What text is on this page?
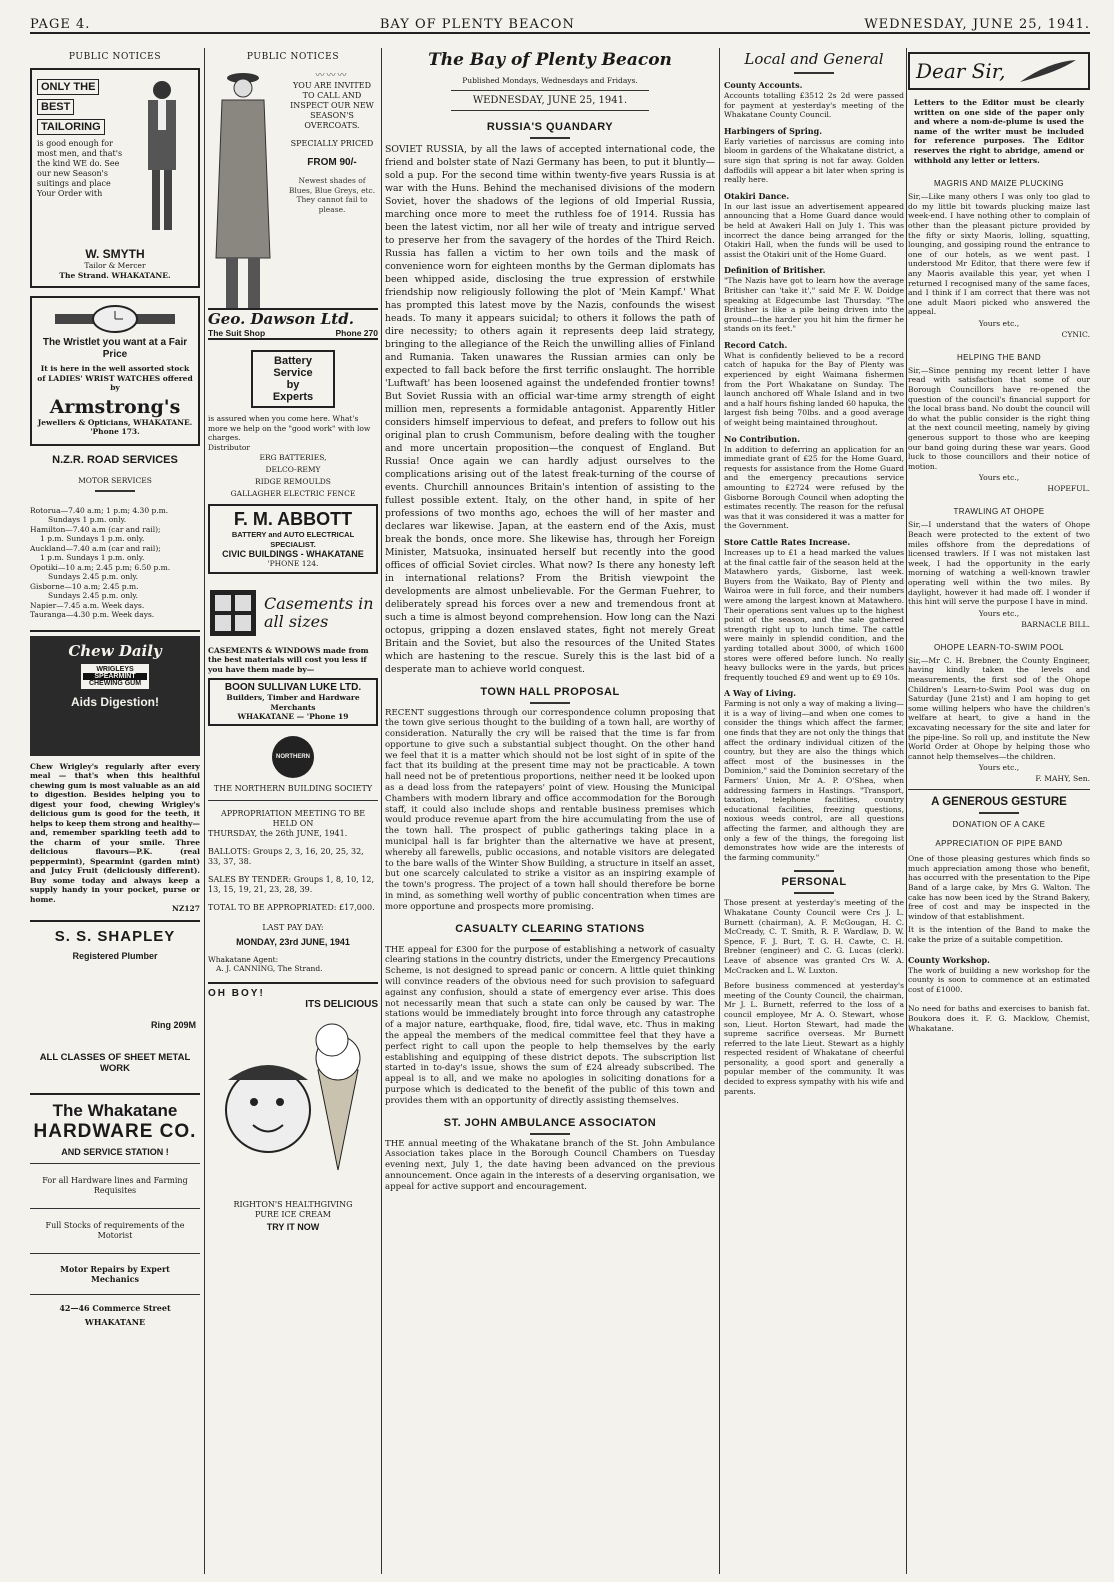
PAGE 4.	BAY OF PLENTY BEACON	WEDNESDAY, JUNE 25, 1941.
PUBLIC NOTICES
ONLY THE
BEST
TAILORING
is good enough for most men, and that's the kind WE do. See our new Season's suitings and place Your Order with
W. SMYTH
Tailor & Mercer
The Strand. WHAKATANE.
The Wristlet you want at a Fair Price
It is here in the well assorted stock of LADIES' WRIST WATCHES offered by
Armstrong's
Jewellers & Opticians, WHAKATANE. 'Phone 173.
N.Z.R. ROAD SERVICES
MOTOR SERVICES
Rotorua—7.40 a.m; 1 p.m; 4.30 p.m.
Sundays 1 p.m. only.
Hamilton—7.40 a.m (car and rail);
1 p.m. Sundays 1 p.m. only.
Auckland—7.40 a.m (car and rail);
1 p.m. Sundays 1 p.m. only.
Opotiki—10 a.m; 2.45 p.m; 6.50 p.m.
Sundays 2.45 p.m. only.
Gisborne—10 a.m; 2.45 p.m.
Sundays 2.45 p.m. only.
Napier—7.45 a.m. Week days.
Tauranga—4.30 p.m. Week days.
Chew Daily
WRIGLEYS
SPEARMINT
CHEWING GUM
Aids Digestion!
Chew Wrigley's regularly after every meal — that's when this healthful chewing gum is most valuable as an aid to digestion. Besides helping you to digest your food, chewing Wrigley's delicious gum is good for the teeth, it helps to keep them strong and healthy— and, remember sparkling teeth add to the charm of your smile. Three delicious flavours—P.K. (real peppermint), Spearmint (garden mint) and Juicy Fruit (deliciously different). Buy some today and always keep a supply handy in your pocket, purse or home.
NZ127
S. S. SHAPLEY
Registered Plumber
Ring 209M
ALL CLASSES OF SHEET METAL WORK
The Whakatane
HARDWARE CO.
AND SERVICE STATION !
For all Hardware lines and Farming Requisites
Full Stocks of requirements of the Motorist
Motor Repairs by Expert Mechanics
42—46 Commerce Street
WHAKATANE
PUBLIC NOTICES
〰〰〰
YOU ARE INVITED TO CALL AND INSPECT OUR NEW SEASON'S OVERCOATS.
SPECIALLY PRICED
FROM 90/-
Newest shades of Blues, Blue Greys, etc. They cannot fail to please.
Geo. Dawson Ltd.
The Suit Shop	Phone 270
Battery
Service
by
Experts
is assured when you come here. What's more we help on the "good work" with low charges.
Distributor
ERG BATTERIES,
DELCO-REMY
RIDGE REMOULDS
GALLAGHER ELECTRIC FENCE
F. M. ABBOTT
BATTERY and AUTO ELECTRICAL SPECIALIST.
CIVIC BUILDINGS - WHAKATANE
'PHONE 124.
Casements in all sizes
CASEMENTS & WINDOWS made from the best materials will cost you less if you have them made by—
BOON SULLIVAN LUKE LTD.
Builders, Timber and Hardware Merchants
WHAKATANE — 'Phone 19
NORTHERN
THE NORTHERN BUILDING SOCIETY
APPROPRIATION MEETING TO BE HELD ON
THURSDAY, the 26th JUNE, 1941.
BALLOTS: Groups 2, 3, 16, 20, 25, 32, 33, 37, 38.
SALES BY TENDER: Groups 1, 8, 10, 12, 13, 15, 19, 21, 23, 28, 39.
TOTAL TO BE APPROPRIATED: £17,000.
LAST PAY DAY:
MONDAY, 23rd JUNE, 1941
Whakatane Agent:
A. J. CANNING, The Strand.
OH BOY!
ITS DELICIOUS
RIGHTON'S HEALTHGIVING
PURE ICE CREAM
TRY IT NOW
The Bay of Plenty Beacon
Published Mondays, Wednesdays and Fridays.
WEDNESDAY, JUNE 25, 1941.
RUSSIA'S QUANDARY

SOVIET RUSSIA, by all the laws of accepted international code, the friend and bolster state of Nazi Germany has been, to put it bluntly—sold a pup. For the second time within twenty-five years Russia is at war with the Huns. Behind the mechanised divisions of the modern Soviet, hover the shadows of the legions of old Imperial Russia, marching once more to meet the ruthless foe of 1914. Russia has been the latest victim, nor all her wile of treaty and intrigue served to preserve her from the savagery of the hordes of the Third Reich. Russia has fallen a victim to her own toils and the mask of convenience worn for eighteen months by the German diplomats has been whipped aside, disclosing the true expression of erstwhile friendship now religiously following the plot of 'Mein Kampf.' What has prompted this latest move by the Nazis, confounds the wisest heads. To many it appears suicidal; to others it follows the path of dire necessity; to others again it represents deep laid strategy, bringing to the allegiance of the Reich the unwilling allies of Finland and Rumania. Taken unawares the Russian armies can only be expected to fall back before the first terrific onslaught. The horrible 'Luftwaft' has been loosened against the undefended frontier towns! But Soviet Russia with an official war-time army strength of eight million men, represents a formidable antagonist. Apparently Hitler considers himself impervious to defeat, and prefers to follow out his original plan to crush Communism, before dealing with the tougher and more uncertain proposition—the conquest of England. But Russia! Once again we can hardly adjust ourselves to the complications arising out of the latest freak-turning of the course of events. Churchill announces Britain's intention of assisting to the fullest possible extent. Italy, on the other hand, in spite of her professions of two months ago, echoes the will of her master and declares war likewise. Japan, at the eastern end of the Axis, must break the bonds, once more. She likewise has, through her Foreign Minister, Matsuoka, insinuated herself but recently into the good offices of official Soviet circles. What now? Is there any honesty left in international relations? From the British viewpoint the developments are almost unbelievable. For the German Fuehrer, to deliberately spread his forces over a new and tremendous front at such a time is almost beyond comprehension. How long can the Nazi octopus, gripping a dozen enslaved states, fight not merely Great Britain and the Soviet, but also the resources of the United States which are hastening to the rescue. Surely this is the last bid of a desperate man to achieve world conquest.

TOWN HALL PROPOSAL

RECENT suggestions through our correspondence column proposing that the town give serious thought to the building of a town hall, are worthy of consideration. Naturally the cry will be raised that the time is far from opportune to give such a substantial subject thought. On the other hand we feel that it is a matter which should not be lost sight of in spite of the fact that its building at the present time may not be practicable. A town hall need not be of pretentious proportions, neither need it be looked upon as a dead loss from the ratepayers' point of view. Housing the Municipal Chambers with modern library and office accommodation for the Borough staff, it could also include shops and rentable business premises which would produce revenue apart from the hire accumulating from the use of the town hall. The prospect of public gatherings taking place in a municipal hall is far brighter than the alternative we have at present, whereby all farewells, public occasions, and notable visitors are delegated to the bare walls of the Winter Show Building, a structure in itself an asset, but one scarcely calculated to strike a visitor as an inspiring example of the town's progress. The project of a town hall should therefore be borne in mind, as something well worthy of public concentration when times are more opportune and prospects more promising.

CASUALTY CLEARING STATIONS

THE appeal for £300 for the purpose of establishing a network of casualty clearing stations in the country districts, under the Emergency Precautions Scheme, is not designed to spread panic or concern. A little quiet thinking will convince readers of the obvious need for such provision to safeguard against any confusion, should a state of emergency ever arise. This does not necessarily mean that such a state can only be caused by war. The stations would be immediately brought into force through any catastrophe of a major nature, earthquake, flood, fire, tidal wave, etc. Thus in making the appeal the members of the medical committee feel that they have a perfect right to call upon the people to help themselves by the early establishing and equipping of these district depots. The subscription list started in to-day's issue, shows the sum of £24 already subscribed. The appeal is to all, and we make no apologies in soliciting donations for a purpose which is dedicated to the benefit of the public of this town and provides them with an opportunity of directly assisting themselves.

ST. JOHN AMBULANCE ASSOCIATON

THE annual meeting of the Whakatane branch of the St. John Ambulance Association takes place in the Borough Council Chambers on Tuesday evening next, July 1, the date having been advanced on the previous announcement. Once again in the interests of a deserving organisation, we appeal for active support and encouragement.

Local and General
County Accounts.

Accounts totalling £3512 2s 2d were passed for payment at yesterday's meeting of the Whakatane County Council.

Harbingers of Spring.

Early varieties of narcissus are coming into bloom in gardens of the Whakatane district, a sure sign that spring is not far away. Golden daffodils will appear a bit later when spring is really here.

Otakiri Dance.

In our last issue an advertisement appeared announcing that a Home Guard dance would be held at Awakeri Hall on July 1. This was incorrect the dance being arranged for the Otakiri Hall, when the funds will be used to assist the Otakiri unit of the Home Guard.

Definition of Britisher.

"The Nazis have got to learn how the average Britisher can 'take it'," said Mr F. W. Doidge speaking at Edgecumbe last Thursday. "The Britisher is like a pile being driven into the ground—the harder you hit him the firmer he stands on its feet."

Record Catch.

What is confidently believed to be a record catch of hapuka for the Bay of Plenty was experienced by eight Waimana fishermen from the Port Whakatane on Sunday. The launch anchored off Whale Island and in two and a half hours fishing landed 60 hapuka, the largest fish being 70lbs. and a good average of weight being maintained throughout.

No Contribution.

In addition to deferring an application for an immediate grant of £25 for the Home Guard, requests for assistance from the Home Guard and the emergency precautions service amounting to £2724 were refused by the Gisborne Borough Council when adopting the estimates recently. The reason for the refusal was that it was considered it was a matter for the Government.

Store Cattle Rates Increase.

Increases up to £1 a head marked the values at the final cattle fair of the season held at the Matawhero yards, Gisborne, last week. Buyers from the Waikato, Bay of Plenty and Wairoa were in full force, and their numbers were among the largest known at Matawhero. Their operations sent values up to the highest point of the season, and the sale gathered strength right up to lunch time. The cattle were mainly in splendid condition, and the yarding totalled about 3000, of which 1600 stores were offered before lunch. No really heavy bullocks were in the yards, but prices frequently touched £9 and went up to £9 10s.

A Way of Living.

Farming is not only a way of making a living—it is a way of living—and when one comes to consider the things which affect the farmer, one finds that they are not only the things that affect the ordinary individual citizen of the country, but they are also the things which affect most of the businesses in the Dominion," said the Dominion secretary of the Farmers' Union, Mr A. P. O'Shea, when addressing farmers in Hastings. "Transport, taxation, telephone facilities, country educational facilities, freezing questions, noxious weeds control, are all questions affecting the farmer, and although they are only a few of the things, the foregoing list demonstrates how wide are the interests of the farming community."

PERSONAL

Those present at yesterday's meeting of the Whakatane County Council were Crs J. L. Burnett (chairman), A. F. McGougan, H. C. McCready, C. T. Smith, R. F. Wardlaw, D. W. Spence, F. J. Burt, T. G. H. Cawte, C. H. Brebner (engineer) and C. G. Lucas (clerk). Leave of absence was granted Crs W. A. McCracken and L. W. Luxton.

Before business commenced at yesterday's meeting of the County Council, the chairman, Mr J. L. Burnett, referred to the loss of a council employee, Mr A. O. Stewart, whose son, Lieut. Horton Stewart, had made the supreme sacrifice overseas. Mr Burnett referred to the late Lieut. Stewart as a highly respected resident of Whakatane of cheerful personality, a good sport and generally a popular member of the community. It was decided to express sympathy with his wife and parents.

Dear Sir,

Letters to the Editor must be clearly written on one side of the paper only and where a nom-de-plume is used the name of the writer must be included for reference purposes. The Editor reserves the right to abridge, amend or withhold any letter or letters.

MAGRIS AND MAIZE PLUCKING

Sir,—Like many others I was only too glad to do my little bit towards plucking maize last week-end. I have nothing other to complain of other than the pleasant picture provided by the fifty or sixty Maoris, lolling, squatting, lounging, and gossiping round the entrance to one of our hotels, as we went past. I understood Mr Editor, that there were few if any Maoris available this year, yet when I returned I recognised many of the same faces, and I think if I am correct that there was not one adult Maori picked who answered the appeal.

Yours etc.,
CYNIC.
HELPING THE BAND

Sir,—Since penning my recent letter I have read with satisfaction that some of our Borough Councillors have re-opened the question of the council's financial support for the local brass band. No doubt the council will do what the public consider is the right thing at the next council meeting, namely by giving generous support to those who are keeping our band going during these war years. Good luck to those councillors and their notice of motion.

Yours etc.,
HOPEFUL.
TRAWLING AT OHOPE

Sir,—I understand that the waters of Ohope Beach were protected to the extent of two miles offshore from the depredations of licensed trawlers. If I was not mistaken last week, I had the opportunity in the early morning of watching a well-known trawler operating well within the two miles. By daylight, however it had made off. I wonder if this hint will serve the purpose I have in mind.

Yours etc.,
BARNACLE BILL.
OHOPE LEARN-TO-SWIM POOL

Sir,—Mr C. H. Brebner, the County Engineer, having kindly taken the levels and measurements, the first sod of the Ohope Children's Learn-to-Swim Pool was dug on Saturday (June 21st) and I am hoping to get some willing helpers who have the children's welfare at heart, to give a hand in the excavating necessary for the site and later for the pipe-line. So roll up, and institute the New World Order at Ohope by helping those who cannot help themselves—the children.

Yours etc.,
F. MAHY, Sen.
A GENEROUS GESTURE
DONATION OF A CAKE
APPRECIATION OF PIPE BAND

One of those pleasing gestures which finds so much appreciation among those who benefit, has occurred with the presentation to the Pipe Band of a large cake, by Mrs G. Walton. The cake has now been iced by the Strand Bakery, free of cost and may be inspected in the window of that establishment.

It is the intention of the Band to make the cake the prize of a suitable competition.

County Workshop.

The work of building a new workshop for the county is soon to commence at an estimated cost of £1000.

No need for baths and exercises to banish fat. Boukora does it. F. G. Macklow, Chemist, Whakatane.
